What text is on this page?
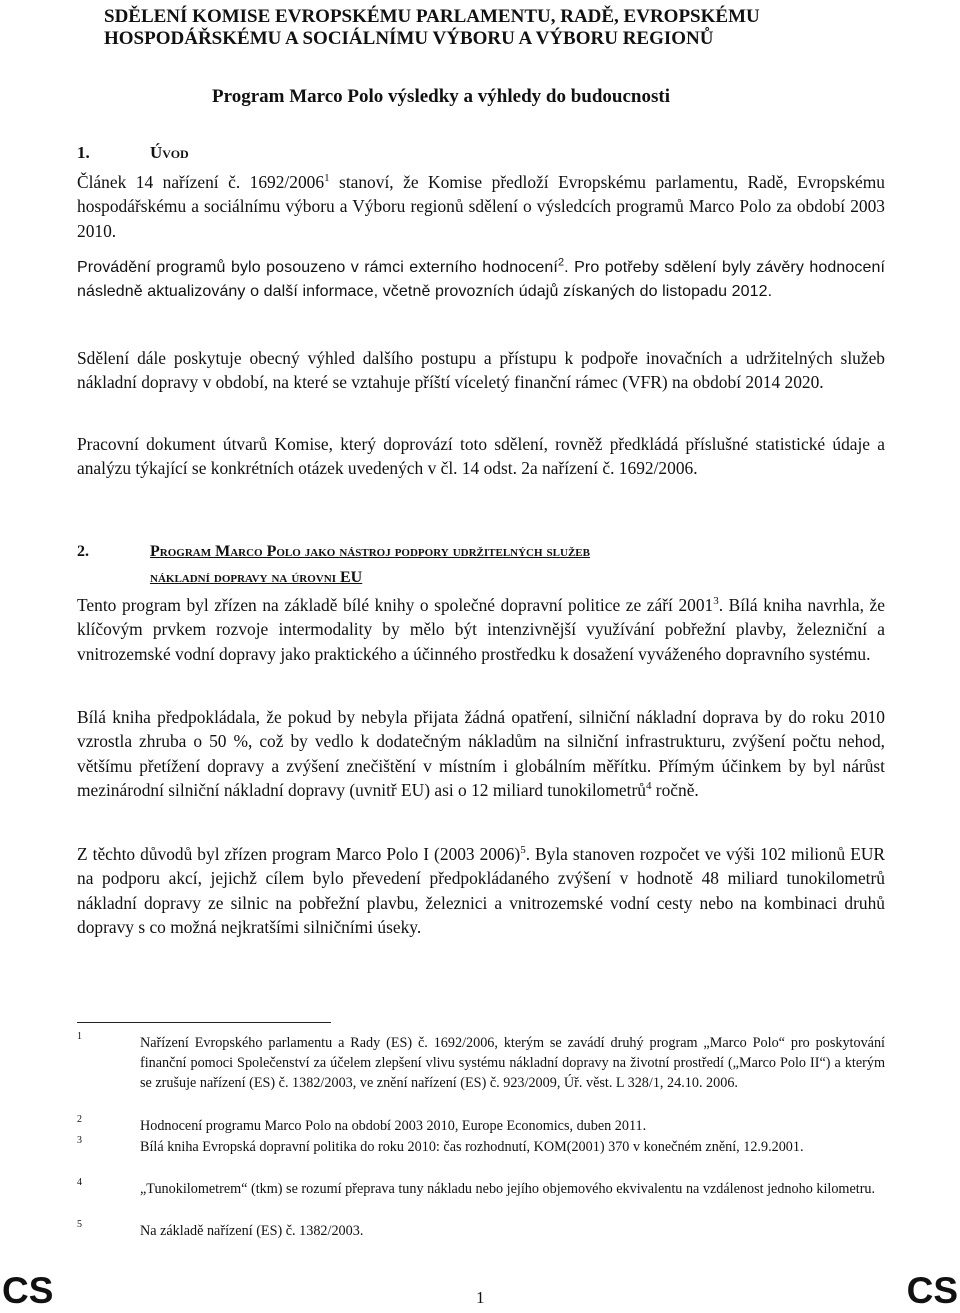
SDĚLENÍ KOMISE EVROPSKÉMU PARLAMENTU, RADĚ, EVROPSKÉMU
HOSPODÁŘSKÉMU A SOCIÁLNÍMU VÝBORU A VÝBORU REGIONŮ
Program Marco Polo výsledky a výhledy do budoucnosti
1.	Úvod
Článek 14 nařízení č. 1692/2006$^1$ stanoví, že Komise předloží Evropskému parlamentu, Radě, Evropskému hospodářskému a sociálnímu výboru a Výboru regionů sdělení o výsledcích programů Marco Polo za období 2003 2010.
Provádění programů bylo posouzeno v rámci externího hodnocení$^2$. Pro potřeby sdělení byly závěry hodnocení následně aktualizovány o další informace, včetně provozních údajů získaných do listopadu 2012.
Sdělení dále poskytuje obecný výhled dalšího postupu a přístupu k podpoře inovačních a udržitelných služeb nákladní dopravy v období, na které se vztahuje příští víceletý finanční rámec (VFR) na období 2014 2020.
Pracovní dokument útvarů Komise, který doprovází toto sdělení, rovněž předkládá příslušné statistické údaje a analýzu týkající se konkrétních otázek uvedených v čl. 14 odst. 2a nařízení č. 1692/2006.
2.	Program Marco Polo jako nástroj podpory udržitelných služeb
nákladní dopravy na úrovni EU
Tento program byl zřízen na základě bílé knihy o společné dopravní politice ze září 2001$^3$. Bílá kniha navrhla, že klíčovým prvkem rozvoje intermodality by mělo být intenzivnější využívání pobřežní plavby, železniční a vnitrozemské vodní dopravy jako praktického a účinného prostředku k dosažení vyváženého dopravního systému.
Bílá kniha předpokládala, že pokud by nebyla přijata žádná opatření, silniční nákladní doprava by do roku 2010 vzrostla zhruba o 50 %, což by vedlo k dodatečným nákladům na silniční infrastrukturu, zvýšení počtu nehod, většímu přetížení dopravy a zvýšení znečištění v místním i globálním měřítku. Přímým účinkem by byl nárůst mezinárodní silniční nákladní dopravy (uvnitř EU) asi o 12 miliard tunokilometrů$^4$ ročně.
Z těchto důvodů byl zřízen program Marco Polo I (2003 2006)$^5$. Byla stanoven rozpočet ve výši 102 milionů EUR na podporu akcí, jejichž cílem bylo převedení předpokládaného zvýšení v hodnotě 48 miliard tunokilometrů nákladní dopravy ze silnic na pobřežní plavbu, železnici a vnitrozemské vodní cesty nebo na kombinaci druhů dopravy s co možná nejkratšími silničními úseky.
1	Nařízení Evropského parlamentu a Rady (ES) č. 1692/2006, kterým se zavádí druhý program „Marco Polo“ pro poskytování finanční pomoci Společenství za účelem zlepšení vlivu systému nákladní dopravy na životní prostředí („Marco Polo II“) a kterým se zrušuje nařízení (ES) č. 1382/2003, ve znění nařízení (ES) č. 923/2009, Úř. věst. L 328/1, 24.10. 2006.
2	Hodnocení programu Marco Polo na období 2003 2010, Europe Economics, duben 2011.
3	Bílá kniha Evropská dopravní politika do roku 2010: čas rozhodnutí, KOM(2001) 370 v konečném znění, 12.9.2001.
4	„Tunokilometrem“ (tkm) se rozumí přeprava tuny nákladu nebo jejího objemového ekvivalentu na vzdálenost jednoho kilometru.
5	Na základě nařízení (ES) č. 1382/2003.
CS	1	CS
